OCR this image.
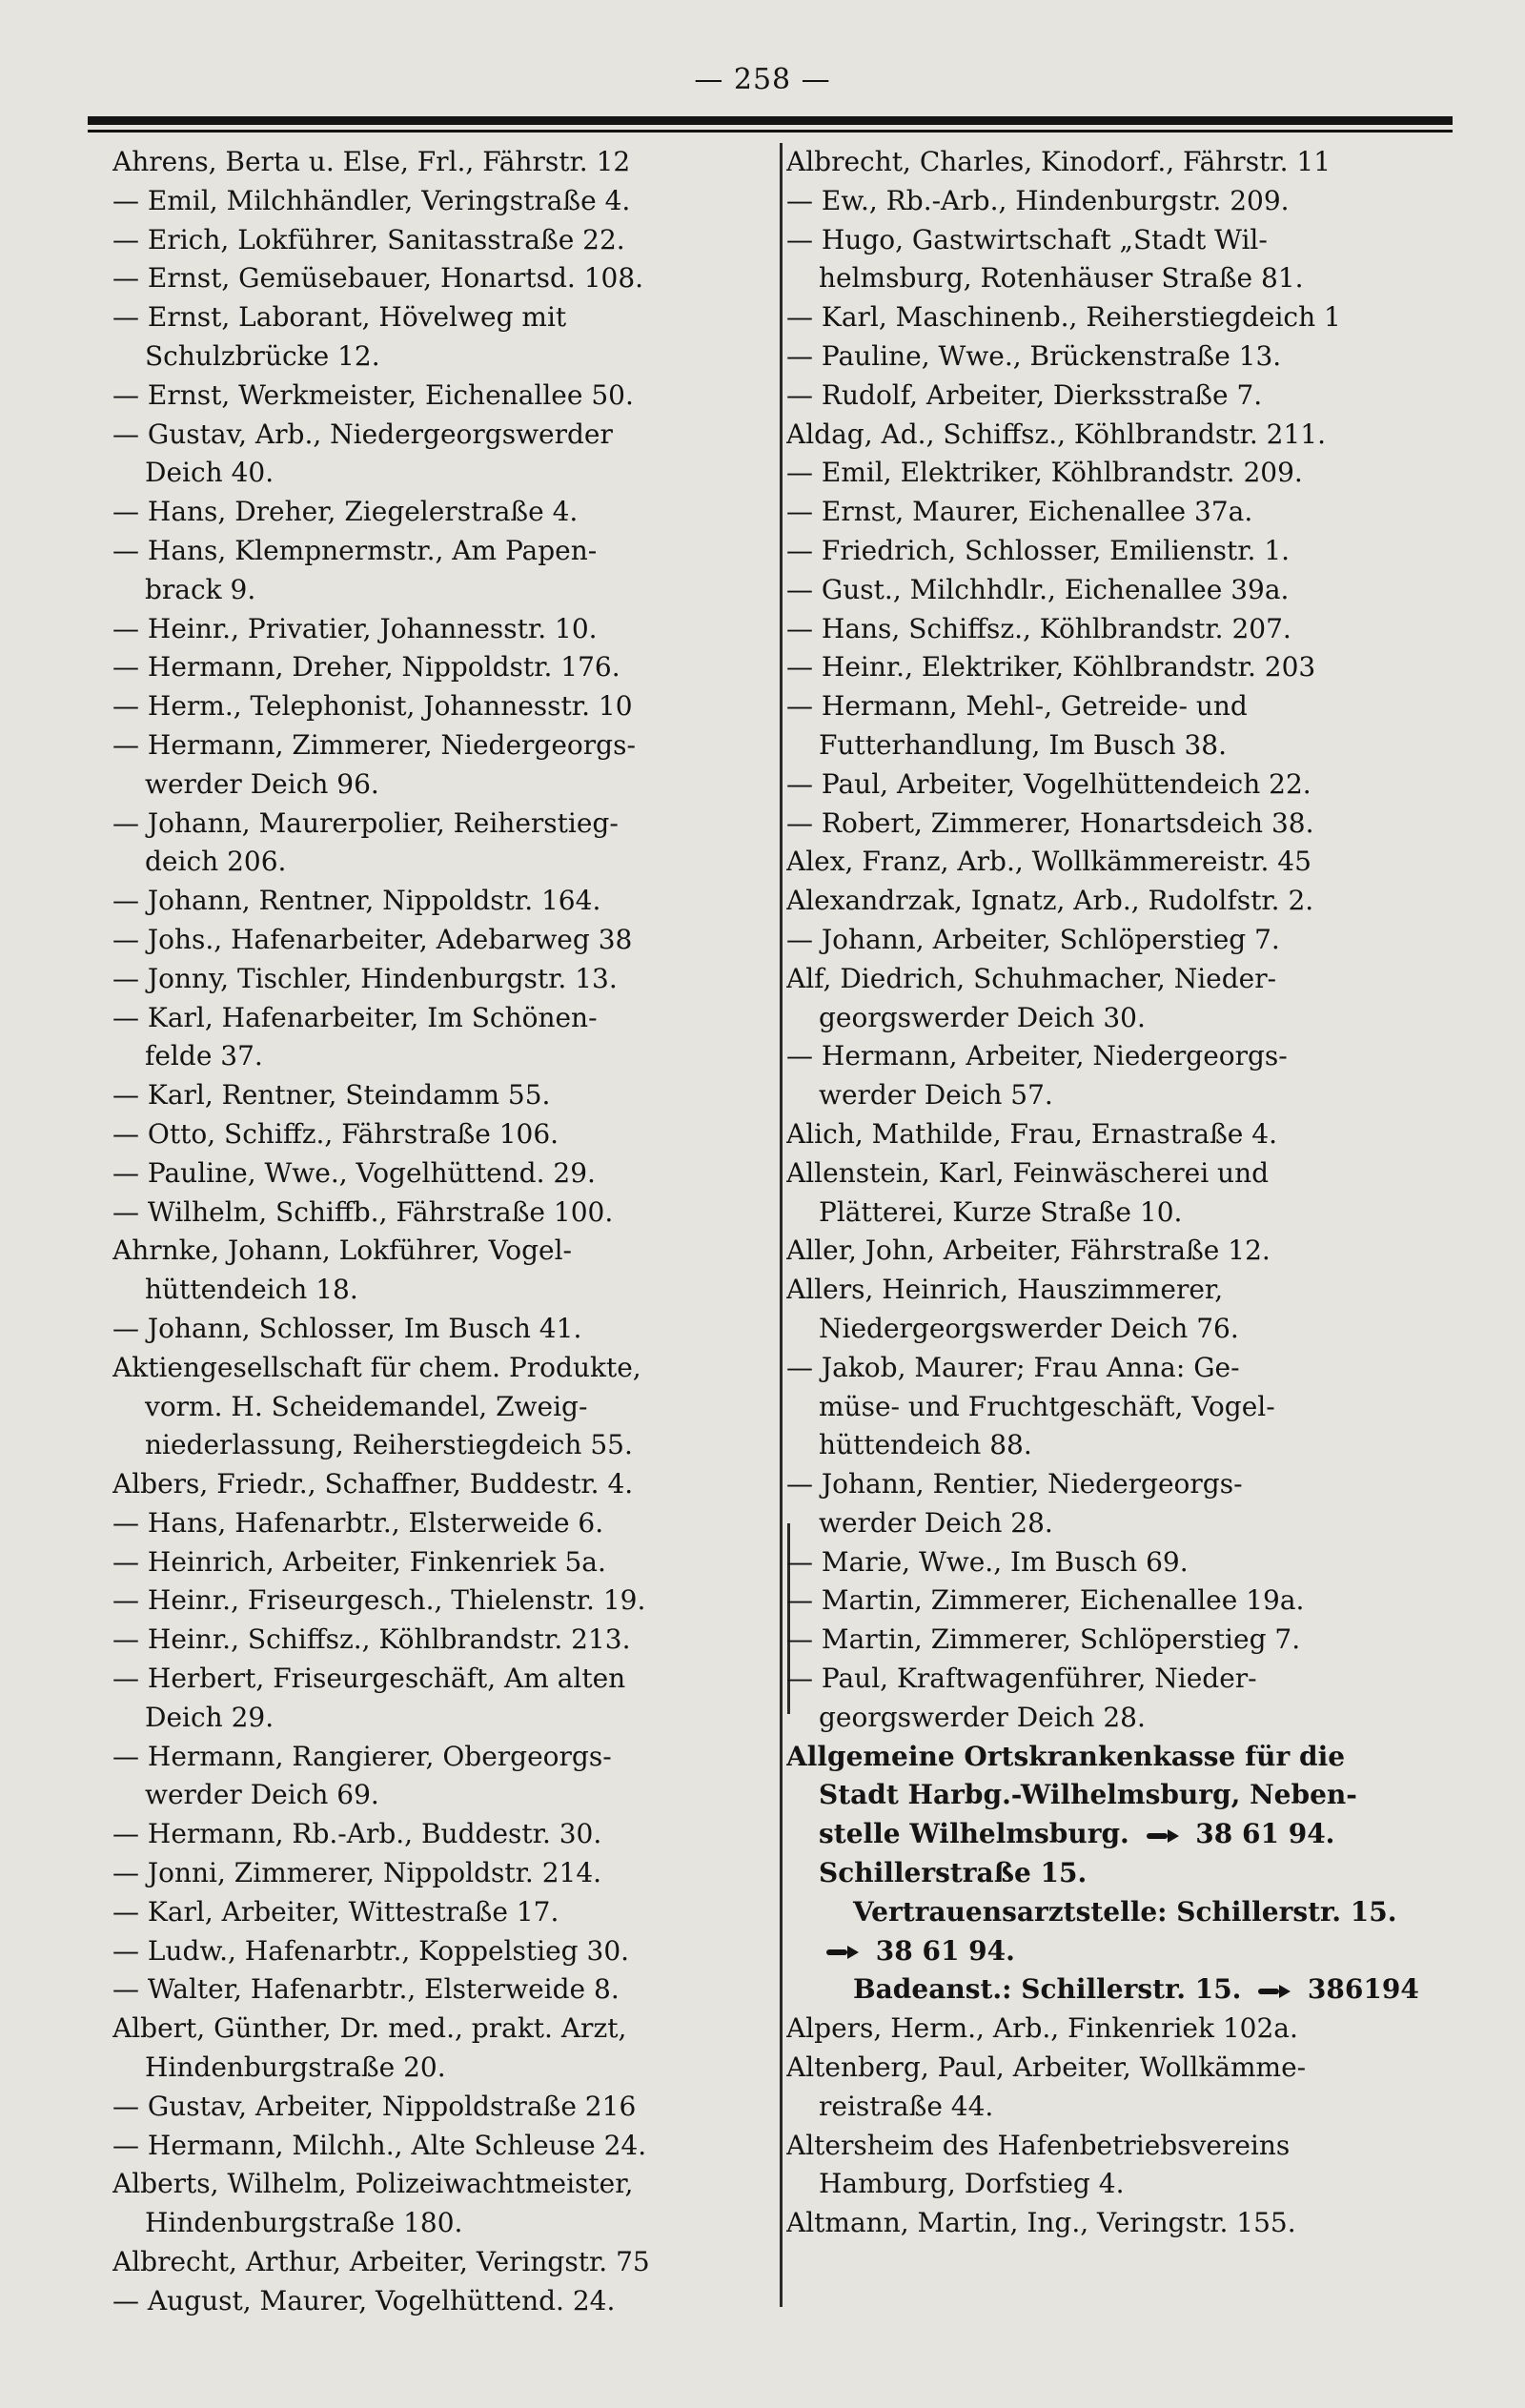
— 258 —
Ahrens, Berta u. Else, Frl., Fährstr. 12
— Emil, Milchhändler, Veringstraße 4.
— Erich, Lokführer, Sanitasstraße 22.
— Ernst, Gemüsebauer, Honartsd. 108.
— Ernst, Laborant, Hövelweg mit
Schulzbrücke 12.
— Ernst, Werkmeister, Eichenallee 50.
— Gustav, Arb., Niedergeorgswerder
Deich 40.
— Hans, Dreher, Ziegelerstraße 4.
— Hans, Klempnermstr., Am Papen-
brack 9.
— Heinr., Privatier, Johannesstr. 10.
— Hermann, Dreher, Nippoldstr. 176.
— Herm., Telephonist, Johannesstr. 10
— Hermann, Zimmerer, Niedergeorgs-
werder Deich 96.
— Johann, Maurerpolier, Reiherstieg-
deich 206.
— Johann, Rentner, Nippoldstr. 164.
— Johs., Hafenarbeiter, Adebarweg 38
— Jonny, Tischler, Hindenburgstr. 13.
— Karl, Hafenarbeiter, Im Schönen-
felde 37.
— Karl, Rentner, Steindamm 55.
— Otto, Schiffz., Fährstraße 106.
— Pauline, Wwe., Vogelhüttend. 29.
— Wilhelm, Schiffb., Fährstraße 100.
Ahrnke, Johann, Lokführer, Vogel-
hüttendeich 18.
— Johann, Schlosser, Im Busch 41.
Aktiengesellschaft für chem. Produkte,
vorm. H. Scheidemandel, Zweig-
niederlassung, Reiherstiegdeich 55.
Albers, Friedr., Schaffner, Buddestr. 4.
— Hans, Hafenarbtr., Elsterweide 6.
— Heinrich, Arbeiter, Finkenriek 5a.
— Heinr., Friseurgesch., Thielenstr. 19.
— Heinr., Schiffsz., Köhlbrandstr. 213.
— Herbert, Friseurgeschäft, Am alten
Deich 29.
— Hermann, Rangierer, Obergeorgs-
werder Deich 69.
— Hermann, Rb.-Arb., Buddestr. 30.
— Jonni, Zimmerer, Nippoldstr. 214.
— Karl, Arbeiter, Wittestraße 17.
— Ludw., Hafenarbtr., Koppelstieg 30.
— Walter, Hafenarbtr., Elsterweide 8.
Albert, Günther, Dr. med., prakt. Arzt,
Hindenburgstraße 20.
— Gustav, Arbeiter, Nippoldstraße 216
— Hermann, Milchh., Alte Schleuse 24.
Alberts, Wilhelm, Polizeiwachtmeister,
Hindenburgstraße 180.
Albrecht, Arthur, Arbeiter, Veringstr. 75
— August, Maurer, Vogelhüttend. 24.
Albrecht, Charles, Kinodorf., Fährstr. 11
— Ew., Rb.-Arb., Hindenburgstr. 209.
— Hugo, Gastwirtschaft „Stadt Wil-
helmsburg, Rotenhäuser Straße 81.
— Karl, Maschinenb., Reiherstiegdeich 1
— Pauline, Wwe., Brückenstraße 13.
— Rudolf, Arbeiter, Dierksstraße 7.
Aldag, Ad., Schiffsz., Köhlbrandstr. 211.
— Emil, Elektriker, Köhlbrandstr. 209.
— Ernst, Maurer, Eichenallee 37a.
— Friedrich, Schlosser, Emilienstr. 1.
— Gust., Milchhdlr., Eichenallee 39a.
— Hans, Schiffsz., Köhlbrandstr. 207.
— Heinr., Elektriker, Köhlbrandstr. 203
— Hermann, Mehl-, Getreide- und
Futterhandlung, Im Busch 38.
— Paul, Arbeiter, Vogelhüttendeich 22.
— Robert, Zimmerer, Honartsdeich 38.
Alex, Franz, Arb., Wollkämmereistr. 45
Alexandrzak, Ignatz, Arb., Rudolfstr. 2.
— Johann, Arbeiter, Schlöperstieg 7.
Alf, Diedrich, Schuhmacher, Nieder-
georgswerder Deich 30.
— Hermann, Arbeiter, Niedergeorgs-
werder Deich 57.
Alich, Mathilde, Frau, Ernastraße 4.
Allenstein, Karl, Feinwäscherei und
Plätterei, Kurze Straße 10.
Aller, John, Arbeiter, Fährstraße 12.
Allers, Heinrich, Hauszimmerer,
Niedergeorgswerder Deich 76.
— Jakob, Maurer; Frau Anna: Ge-
müse- und Fruchtgeschäft, Vogel-
hüttendeich 88.
— Johann, Rentier, Niedergeorgs-
werder Deich 28.
— Marie, Wwe., Im Busch 69.
— Martin, Zimmerer, Eichenallee 19a.
— Martin, Zimmerer, Schlöperstieg 7.
— Paul, Kraftwagenführer, Nieder-
georgswerder Deich 28.
Allgemeine Ortskrankenkasse für die
Stadt Harbg.-Wilhelmsburg, Neben-
stelle Wilhelmsburg.  38 61 94.
Schillerstraße 15.
Vertrauensarztstelle: Schillerstr. 15.
38 61 94.
Badeanst.: Schillerstr. 15.  386194
Alpers, Herm., Arb., Finkenriek 102a.
Altenberg, Paul, Arbeiter, Wollkämme-
reistraße 44.
Altersheim des Hafenbetriebsvereins
Hamburg, Dorfstieg 4.
Altmann, Martin, Ing., Veringstr. 155.
